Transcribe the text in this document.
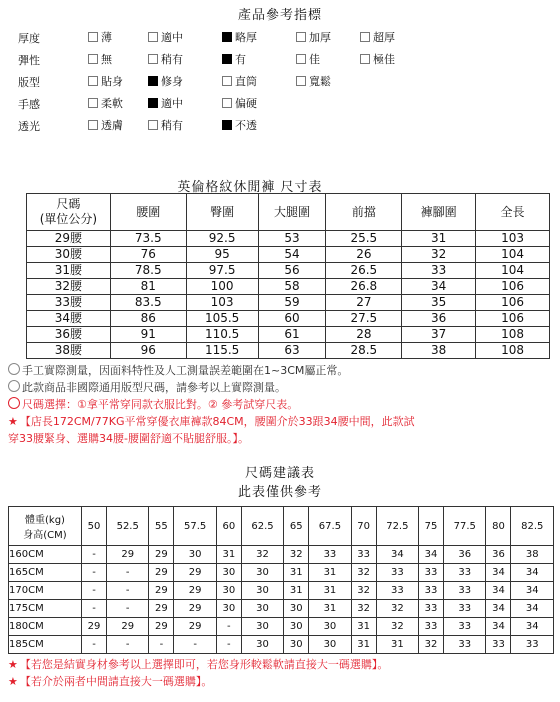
產品參考指標
厚度	薄	適中	略厚	加厚	超厚
彈性	無	稍有	有	佳	極佳
版型	貼身	修身	直筒	寬鬆
手感	柔軟	適中	偏硬
透光	透膚	稍有	不透
英倫格紋休閒褲 尺寸表
尺碼
(單位公分)	腰圍	臀圍	大腿圍	前擋	褲腳圍	全長
29腰	73.5	92.5	53	25.5	31	103
30腰	76	95	54	26	32	104
31腰	78.5	97.5	56	26.5	33	104
32腰	81	100	58	26.8	34	106
33腰	83.5	103	59	27	35	106
34腰	86	105.5	60	27.5	36	106
36腰	91	110.5	61	28	37	108
38腰	96	115.5	63	28.5	38	108
手工實際測量，因面料特性及人工測量誤差範圍在1~3CM屬正常。
此款商品非國際通用版型尺碼，請參考以上實際測量。
尺碼選擇：①拿平常穿同款衣服比對。② 參考試穿尺表。
★ 【店長172CM/77KG平常穿優衣庫褲款84CM，腰圍介於33跟34腰中間，此款試
穿33腰緊身、選購34腰-腰圍舒適不貼腿舒服。】。
尺碼建議表
此表僅供參考
體重(kg)
身高(CM)	50	52.5	55	57.5	60	62.5	65	67.5	70	72.5	75	77.5	80	82.5
160CM	-	29	29	30	31	32	32	33	33	34	34	36	36	38
165CM	-	-	29	29	30	30	31	31	32	33	33	33	34	34
170CM	-	-	29	29	30	30	31	31	32	33	33	33	34	34
175CM	-	-	29	29	30	30	30	31	32	32	33	33	34	34
180CM	29	29	29	29	-	30	30	30	31	32	33	33	34	34
185CM	-	-	-	-	-	30	30	30	31	31	32	33	33	33
★ 【若您是結實身材參考以上選擇即可，若您身形較鬆軟請直接大一碼選購】。
★ 【若介於兩者中間請直接大一碼選購】。
